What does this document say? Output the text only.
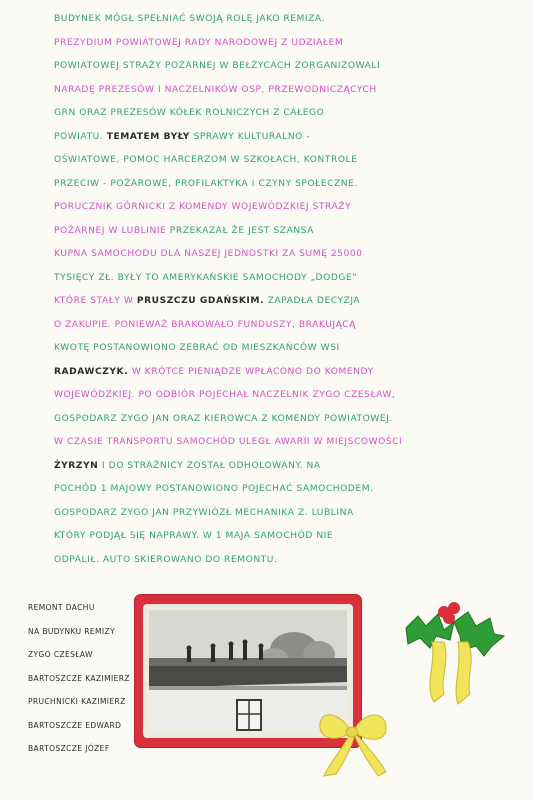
BUDYNEK MÓGŁ SPEŁNIAĆ SWOJĄ ROLĘ JAKO REMIZA.
PREZYDIUM POWIATOWEJ RADY NARODOWEJ Z UDZIAŁEM
POWIATOWEJ STRAŻY POŻARNEJ W BEŁŻYCACH ZORGANIZOWALI
NARADĘ PREZESÓW I NACZELNIKÓW OSP, PRZEWODNICZĄCYCH
GRN ORAZ PREZESÓW KÓŁEK ROLNICZYCH Z CAŁEGO
POWIATU. TEMATEM BYŁY SPRAWY KULTURALNO -
OŚWIATOWE, POMOC HARCERZOM W SZKOŁACH, KONTROLE
PRZECIW - POŻAROWE, PROFILAKTYKA I CZYNY SPOŁECZNE.
PORUCZNIK GÓRNICKI Z KOMENDY WOJEWÓDZKIEJ STRAŻY
POŻARNEJ W LUBLINIE PRZEKAZAŁ ŻE JEST SZANSA
KUPNA SAMOCHODU DLA NASZEJ JEDNOSTKI ZA SUMĘ 25000
TYSIĘCY ZŁ. BYŁY TO AMERYKAŃSKIE SAMOCHODY „DODGE"
KTÓRE STAŁY W PRUSZCZU GDAŃSKIM. ZAPADŁA DECYZJA
O ZAKUPIE. PONIEWAŻ BRAKOWAŁO FUNDUSZY, BRAKUJĄCĄ
KWOTĘ POSTANOWIONO ZEBRAĆ OD MIESZKAŃCÓW WSI
RADAWCZYK. W KRÓTCE PIENIĄDZE WPŁACONO DO KOMENDY
WOJEWÓDZKIEJ. PO ODBIÓR POJECHAŁ NACZELNIK ZYGO CZESŁAW,
GOSPODARZ ZYGO JAN ORAZ KIEROWCA Z KOMENDY POWIATOWEJ.
W CZASIE TRANSPORTU SAMOCHÓD ULEGŁ AWARII W MIEJSCOWOŚCI
ŻYRZYN I DO STRAŻNICY ZOSTAŁ ODHOLOWANY. NA
POCHÓD 1 MAJOWY POSTANOWIONO POJECHAĆ SAMOCHODEM.
GOSPODARZ ZYGO JAN PRZYWIÓZŁ MECHANIKA Z. LUBLINA
KTÓRY PODJĄŁ SIĘ NAPRAWY. W 1 MAJA SAMOCHÓD NIE
ODPALIŁ. AUTO SKIEROWANO DO REMONTU.
REMONT DACHU
NA BUDYNKU REMIZY
ZYGO CZESŁAW
BARTOSZCZE KAZIMIERZ
PRUCHNICKI KAZIMIERZ
BARTOSZCZE EDWARD
BARTOSZCZE JÓZEF
